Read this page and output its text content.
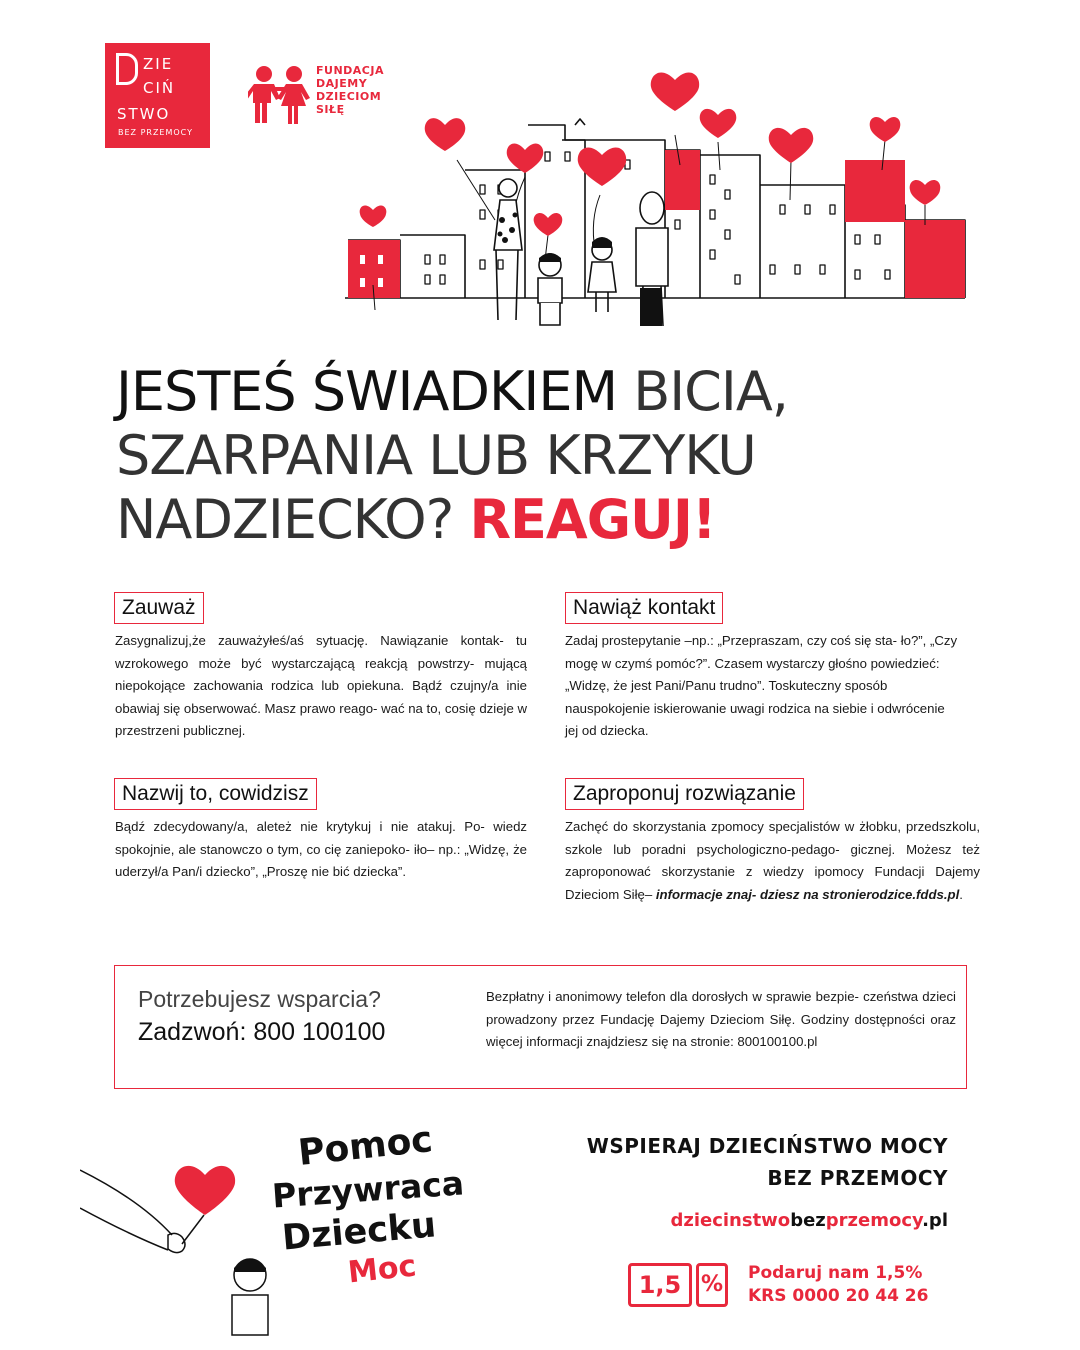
ZIE
CIŃ
STWO
BEZ PRZEMOCY
FUNDACJA
DAJEMY
DZIECIOM
SIŁĘ
JESTEŚ ŚWIADKIEM BICIA,
SZARPANIA LUB KRZYKU
NADZIECKO? REAGUJ!
Zauważ
Zasygnalizuj,że zauważyłeś/aś sytuację. Nawiązanie kontak- tu wzrokowego może być wystarczającą reakcją powstrzy- mującą niepokojące zachowania rodzica lub opiekuna. Bądź czujny/a inie obawiaj się obserwować. Masz prawo reago- wać na to, cosię dzieje w przestrzeni publicznej.
Nawiąż kontakt
Zadaj prostepytanie –np.: „Przepraszam, czy coś się sta- ło?”, „Czy mogę w czymś pomóc?”. Czasem wystarczy głośno powiedzieć: „Widzę, że jest Pani/Panu trudno”. Toskuteczny sposób nauspokojenie iskierowanie uwagi rodzica na siebie i odwrócenie jej od dziecka.
Nazwij to, cowidzisz
Bądź zdecydowany/a, aleteż nie krytykuj i nie atakuj. Po- wiedz spokojnie, ale stanowczo o tym, co cię zaniepoko- iło– np.: „Widzę, że uderzył/a Pan/i dziecko”, „Proszę nie bić dziecka”.
Zaproponuj rozwiązanie
Zachęć do skorzystania zpomocy specjalistów w żłobku, przedszkolu, szkole lub poradni psychologiczno-pedago- gicznej. Możesz też zaproponować skorzystanie z wiedzy ipomocy Fundacji Dajemy Dzieciom Siłę– informacje znaj- dziesz na stronierodzice.fdds.pl.
Potrzebujesz wsparcia?
Zadzwoń: 800 100100
Bezpłatny i anonimowy telefon dla dorosłych w sprawie bezpie- czeństwa dzieci prowadzony przez Fundację Dajemy Dzieciom Siłę. Godziny dostępności oraz więcej informacji znajdziesz się na stronie: 800100100.pl
Pomoc
Przywraca
Dziecku
Moc
WSPIERAJ DZIECIŃSTWO MOCY
BEZ PRZEMOCY
dziecinstwobezprzemocy.pl
1,5 % Podaruj nam 1,5%
KRS 0000 20 44 26
